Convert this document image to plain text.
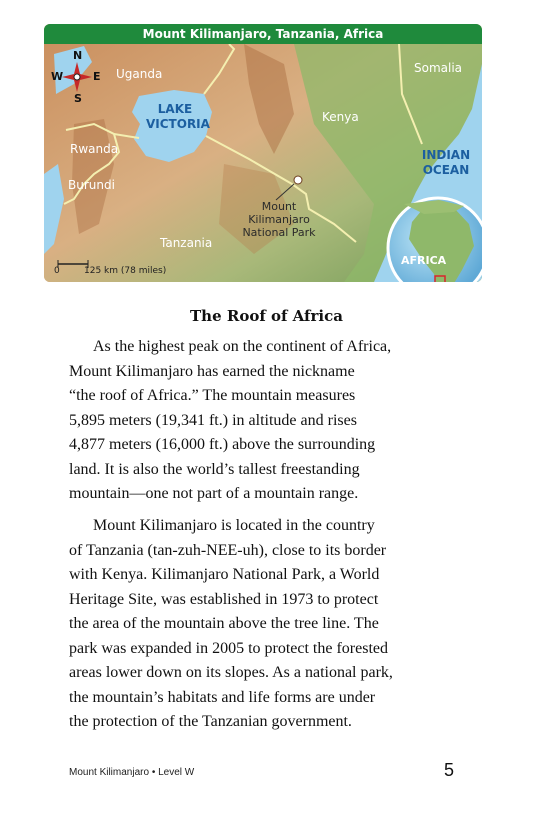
Mount Kilimanjaro, Tanzania, Africa
N
S
W	E Uganda	Somalia
LAKE
VICTORIA	Kenya
Rwanda
Burundi
INDIAN
OCEAN
Mount
Kilimanjaro
National Park
Tanzania
AFRICA
0	125 km (78 miles)
The Roof of Africa

As the highest peak on the continent of Africa,
Mount Kilimanjaro has earned the nickname
“the roof of Africa.” The mountain measures
5,895 meters (19,341 ft.) in altitude and rises
4,877 meters (16,000 ft.) above the surrounding
land. It is also the world’s tallest freestanding
mountain—one not part of a mountain range.

Mount Kilimanjaro is located in the country
of Tanzania (tan-zuh-NEE-uh), close to its border
with Kenya. Kilimanjaro National Park, a World
Heritage Site, was established in 1973 to protect
the area of the mountain above the tree line. The
park was expanded in 2005 to protect the forested
areas lower down on its slopes. As a national park,
the mountain’s habitats and life forms are under
the protection of the Tanzanian government.

Mount Kilimanjaro • Level W	5
